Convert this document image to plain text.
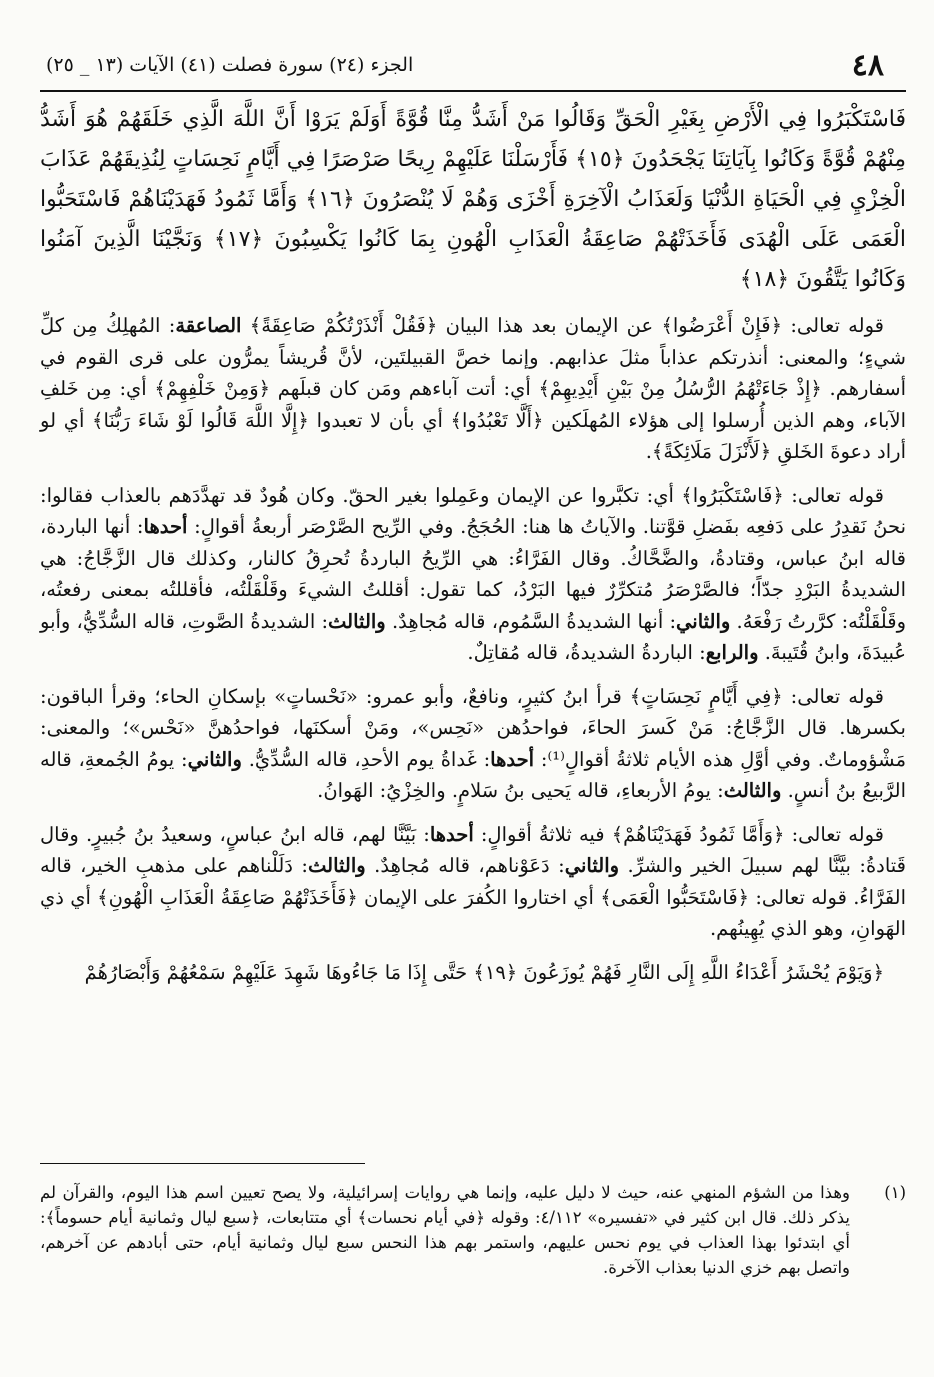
٤٨
الجزء (٢٤) سورة فصلت (٤١) الآيات (١٣ _ ٢٥)

فَاسْتَكْبَرُوا فِي الْأَرْضِ بِغَيْرِ الْحَقِّ وَقَالُوا مَنْ أَشَدُّ مِنَّا قُوَّةً أَوَلَمْ يَرَوْا أَنَّ اللَّهَ الَّذِي خَلَقَهُمْ هُوَ أَشَدُّ مِنْهُمْ قُوَّةً وَكَانُوا بِآيَاتِنَا يَجْحَدُونَ ﴿١٥﴾ فَأَرْسَلْنَا عَلَيْهِمْ رِيحًا صَرْصَرًا فِي أَيَّامٍ نَحِسَاتٍ لِنُذِيقَهُمْ عَذَابَ الْخِزْيِ فِي الْحَيَاةِ الدُّنْيَا وَلَعَذَابُ الْآخِرَةِ أَخْزَى وَهُمْ لَا يُنْصَرُونَ ﴿١٦﴾ وَأَمَّا ثَمُودُ فَهَدَيْنَاهُمْ فَاسْتَحَبُّوا الْعَمَى عَلَى الْهُدَى فَأَخَذَتْهُمْ صَاعِقَةُ الْعَذَابِ الْهُونِ بِمَا كَانُوا يَكْسِبُونَ ﴿١٧﴾ وَنَجَّيْنَا الَّذِينَ آمَنُوا وَكَانُوا يَتَّقُونَ ﴿١٨﴾

قوله تعالى: ﴿فَإِنْ أَعْرَضُوا﴾ عن الإيمان بعد هذا البيان ﴿فَقُلْ أَنْذَرْتُكُمْ صَاعِقَةً﴾ الصاعقة: المُهلِكُ مِن كلِّ شيءٍ؛ والمعنى: أنذرتكم عذاباً مثلَ عذابهم. وإنما خصَّ القبيلتَين، لأنَّ قُريشاً يمرُّون على قرى القوم في أسفارهم. ﴿إِذْ جَاءَتْهُمُ الرُّسُلُ مِنْ بَيْنِ أَيْدِيهِمْ﴾ أي: أتت آباءهم ومَن كان قبلَهم ﴿وَمِنْ خَلْفِهِمْ﴾ أي: مِن خَلفِ الآباء، وهم الذين أُرسلوا إلى هؤلاء المُهلَكين ﴿أَلَّا تَعْبُدُوا﴾ أي بأن لا تعبدوا ﴿إِلَّا اللَّهَ قَالُوا لَوْ شَاءَ رَبُّنَا﴾ أي لو أراد دعوةَ الخَلقِ ﴿لَأَنْزَلَ مَلَائِكَةً﴾.

قوله تعالى: ﴿فَاسْتَكْبَرُوا﴾ أي: تكبَّروا عن الإيمان وعَمِلوا بغير الحقّ. وكان هُودٌ قد تهدَّدَهم بالعذاب فقالوا: نحنُ نَقدِرُ على دَفعِه بفَضلِ قوَّتنا. والآياتُ ها هنا: الحُجَجُ. وفي الرِّيح الصَّرْصَر أربعةُ أقوالٍ: أحدها: أنها الباردة، قاله ابنُ عباس، وقتادةُ، والضَّحَّاكُ. وقال الفَرَّاءُ: هي الرِّيحُ الباردةُ تُحرِقُ كالنار، وكذلك قال الزَّجَّاجُ: هي الشديدةُ البَرْدِ جدّاً؛ فالصَّرْصَرُ مُتكرِّرٌ فيها البَرْدُ، كما تقول: أقللتُ الشيءَ وقَلْقَلْتُه، فأقللتُه بمعنى رفعتُه، وقَلْقَلْتُه: كرَّرتُ رَفْعَهُ. والثاني: أنها الشديدةُ السَّمُوم، قاله مُجاهِدٌ. والثالث: الشديدةُ الصَّوتِ، قاله السُّدِّيُّ، وأبو عُبيدَةَ، وابنُ قُتَيبةَ. والرابع: الباردةُ الشديدةُ، قاله مُقاتِلٌ.

قوله تعالى: ﴿فِي أَيَّامٍ نَحِسَاتٍ﴾ قرأ ابنُ كثيرٍ، ونافعٌ، وأبو عمرو: «نَحْساتٍ» بإسكانِ الحاء؛ وقرأ الباقون: بكسرها. قال الزَّجَّاجُ: مَنْ كَسرَ الحاءَ، فواحدُهن «نَحِس»، ومَنْ أسكنَها، فواحدُهنَّ «نَحْس»؛ والمعنى: مَشْؤوماتٌ. وفي أوَّلِ هذه الأيام ثلاثةُ أقوالٍ⁽¹⁾: أحدها: غَداةُ يوم الأحدِ، قاله السُّدِّيُّ. والثاني: يومُ الجُمعةِ، قاله الرَّبيعُ بنُ أنسٍ. والثالث: يومُ الأربعاءِ، قاله يَحيى بنُ سَلامٍ. والخِزْيُ: الهَوانُ.

قوله تعالى: ﴿وَأَمَّا ثَمُودُ فَهَدَيْنَاهُمْ﴾ فيه ثلاثةُ أقوالٍ: أحدها: بَيَّنَّا لهم، قاله ابنُ عباسٍ، وسعيدُ بنُ جُبيرٍ. وقال قَتادةُ: بيَّنَّا لهم سبيلَ الخير والشرِّ. والثاني: دَعَوْناهم، قاله مُجاهِدٌ. والثالث: دَلَلْناهم على مذهبِ الخير، قاله الفَرَّاءُ. قوله تعالى: ﴿فَاسْتَحَبُّوا الْعَمَى﴾ أي اختاروا الكُفرَ على الإيمان ﴿فَأَخَذَتْهُمْ صَاعِقَةُ الْعَذَابِ الْهُونِ﴾ أي ذي الهَوانِ، وهو الذي يُهِينُهم.

﴿وَيَوْمَ يُحْشَرُ أَعْدَاءُ اللَّهِ إِلَى النَّارِ فَهُمْ يُوزَعُونَ ﴿١٩﴾ حَتَّى إِذَا مَا جَاءُوهَا شَهِدَ عَلَيْهِمْ سَمْعُهُمْ وَأَبْصَارُهُمْ

(١)
وهذا من الشؤم المنهي عنه، حيث لا دليل عليه، وإنما هي روايات إسرائيلية، ولا يصح تعيين اسم هذا اليوم، والقرآن لم يذكر ذلك. قال ابن كثير في «تفسيره» ٤/١١٢: وقوله ﴿في أيام نحسات﴾ أي متتابعات، ﴿سبع ليال وثمانية أيام حسوماً﴾: أي ابتدئوا بهذا العذاب في يوم نحس عليهم، واستمر بهم هذا النحس سبع ليال وثمانية أيام، حتى أبادهم عن آخرهم، واتصل بهم خزي الدنيا بعذاب الآخرة.
